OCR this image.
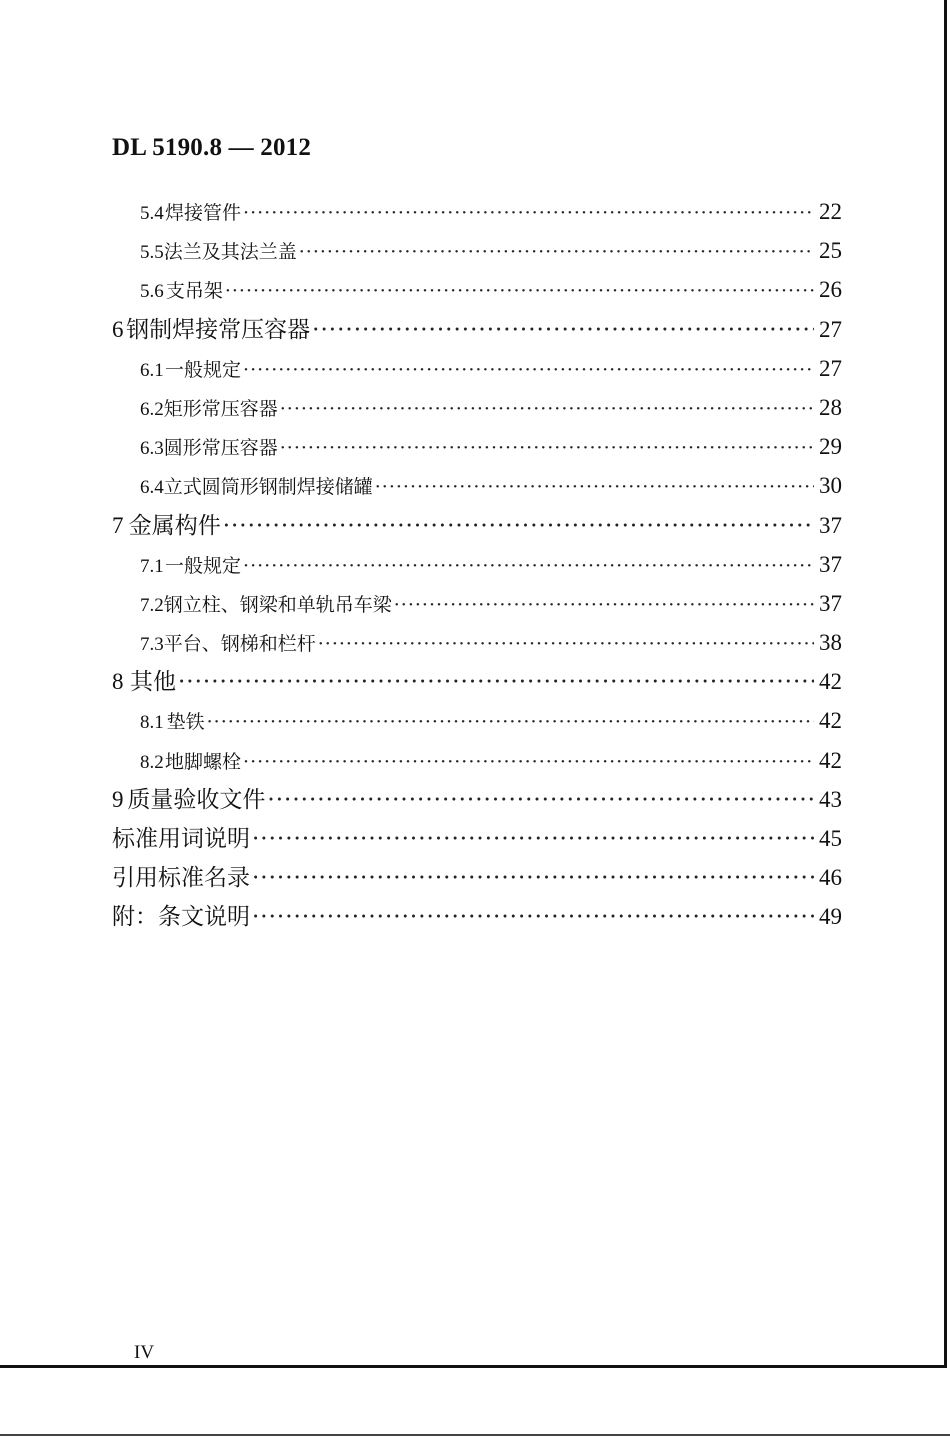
DL 5190.8 — 2012
5.4 焊接管件 ·····	22
5.5 法兰及其法兰盖 ·····	25
5.6 支吊架 ·····	26
6 钢制焊接常压容器 ·····	27
6.1 一般规定 ·····	27
6.2 矩形常压容器 ·····	28
6.3 圆形常压容器 ·····	29
6.4 立式圆筒形钢制焊接储罐 ·····	30
7 金属构件 ·····	37
7.1 一般规定 ·····	37
7.2 钢立柱、钢梁和单轨吊车梁 ·····	37
7.3 平台、钢梯和栏杆 ·····	38
8 其他 ·····	42
8.1 垫铁 ·····	42
8.2 地脚螺栓 ·····	42
9 质量验收文件 ·····	43
标准用词说明 ·····	45
引用标准名录 ·····	46
附：条文说明 ·····	49
IV
